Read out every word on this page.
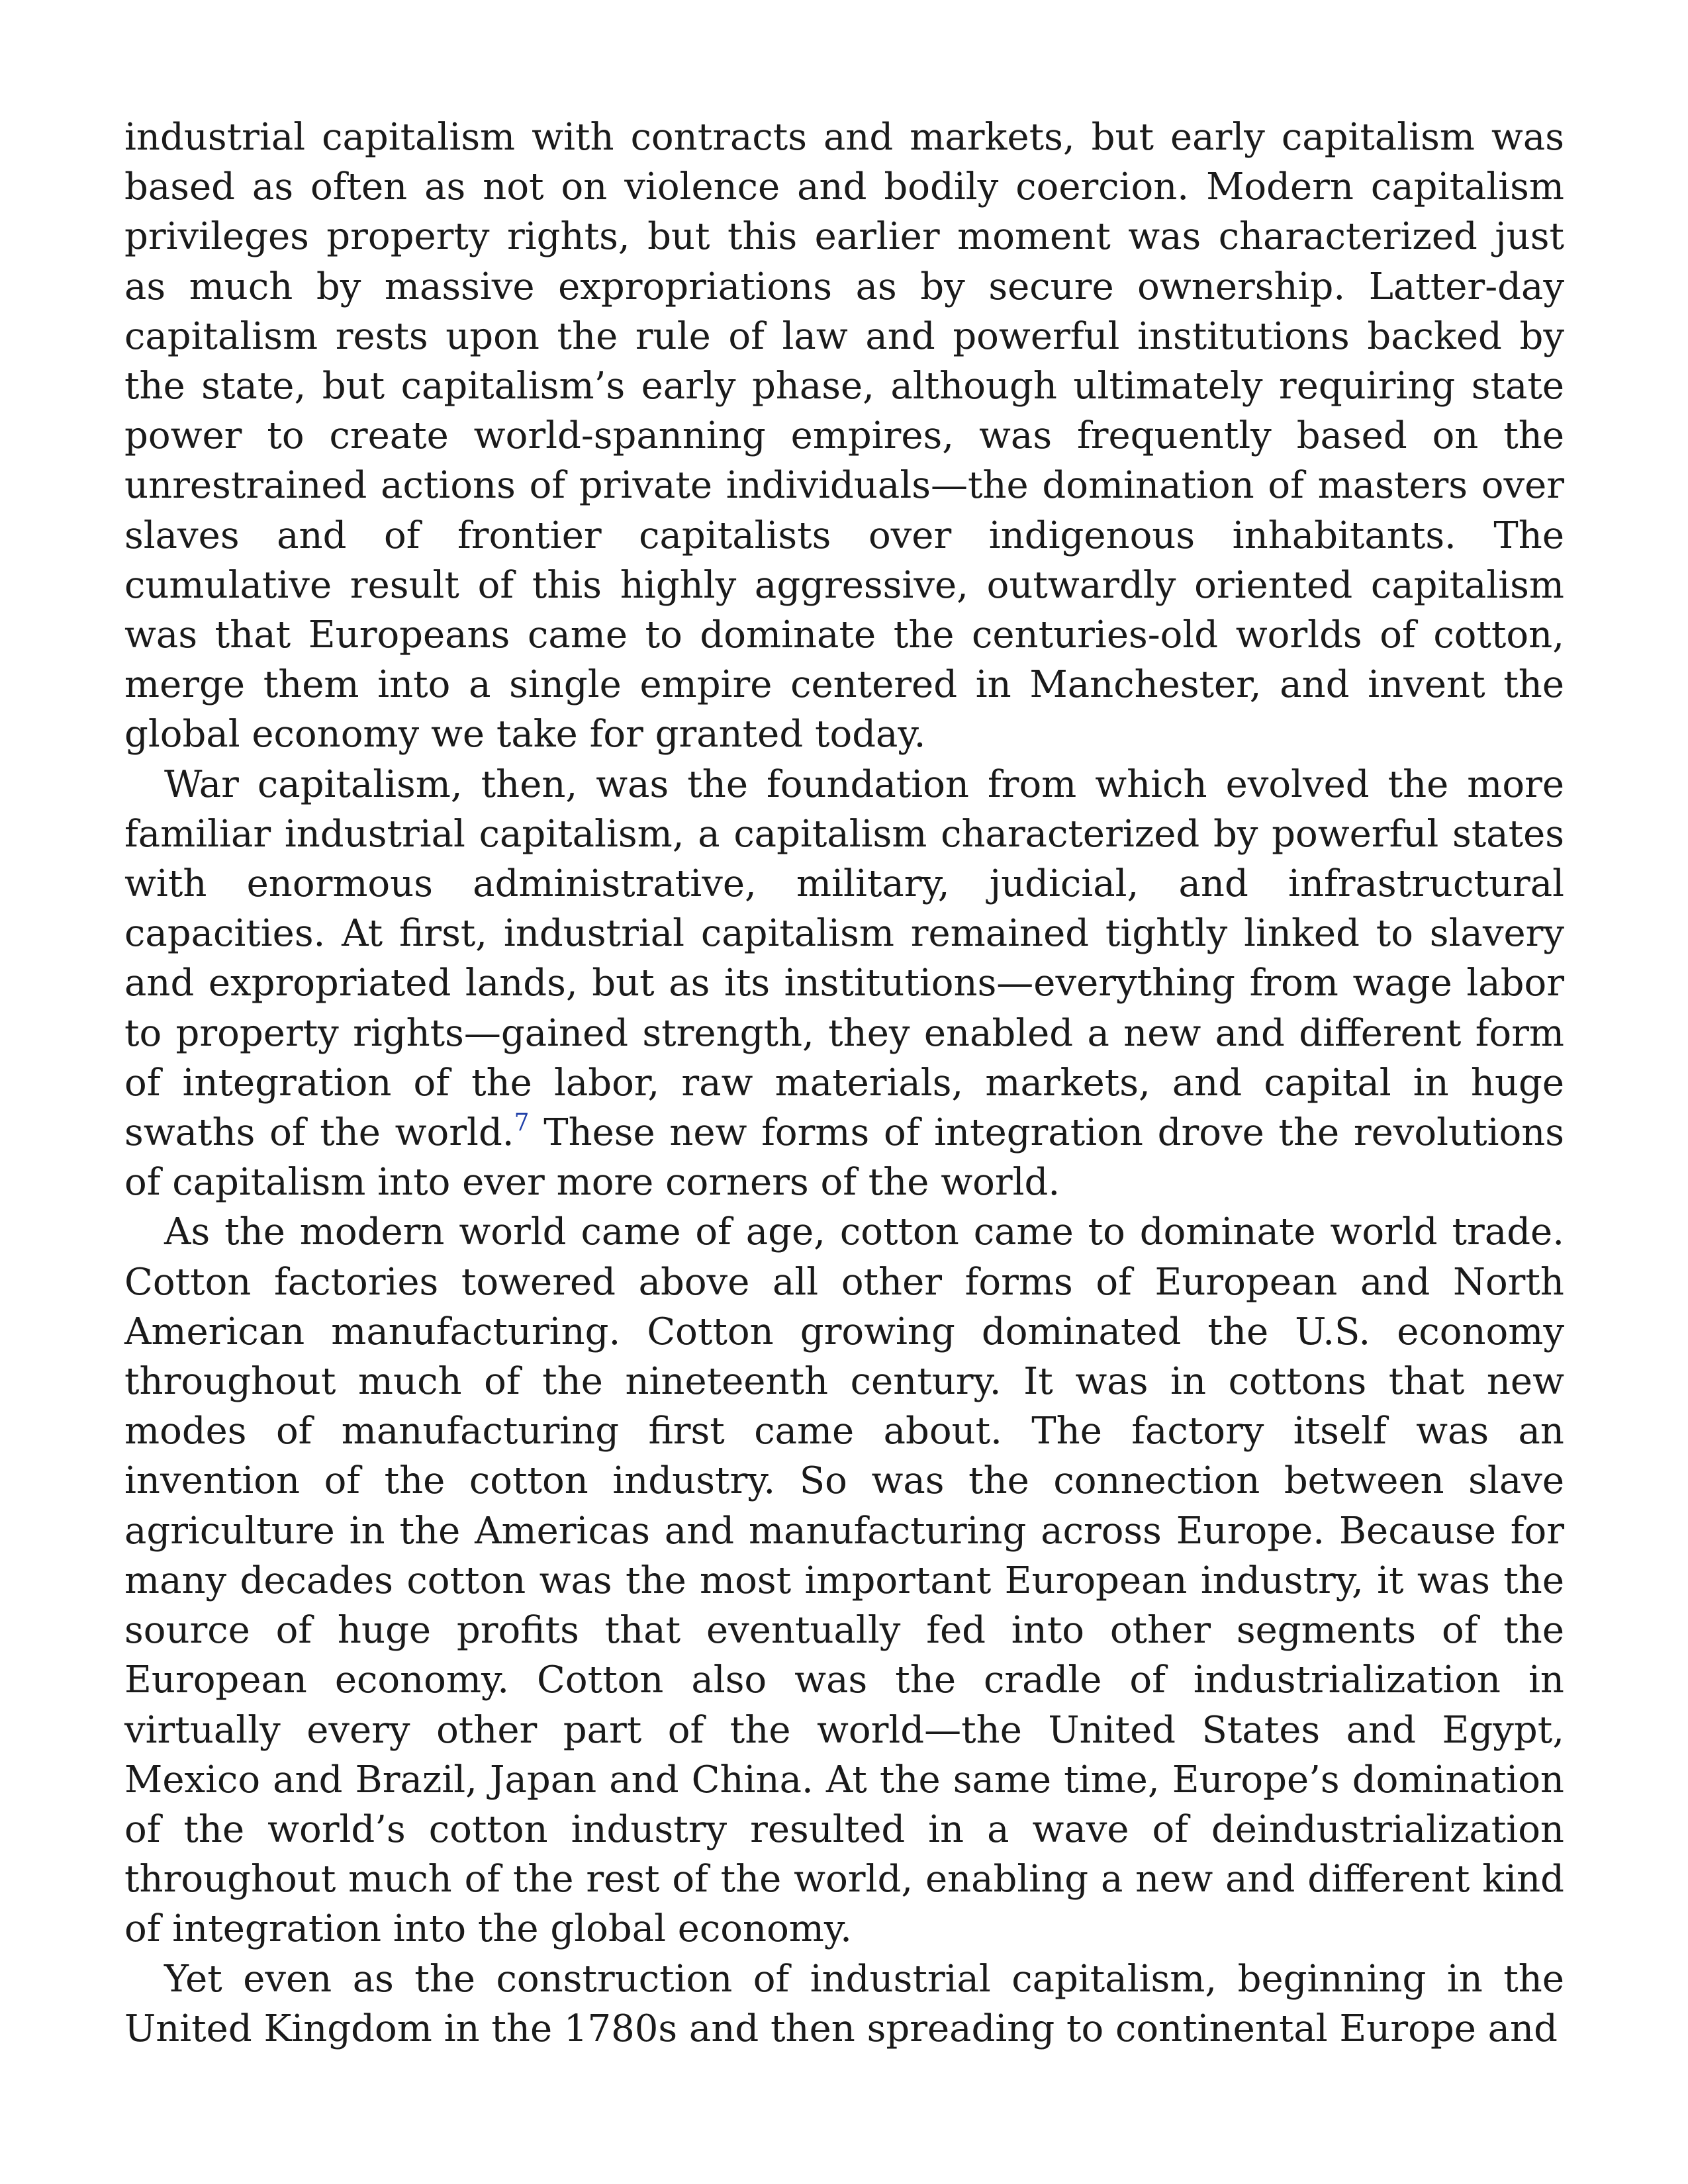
industrial capitalism with contracts and markets, but early capitalism was based as often as not on violence and bodily coercion. Modern capitalism privileges property rights, but this earlier moment was characterized just as much by massive expropriations as by secure ownership. Latter-day capitalism rests upon the rule of law and powerful institutions backed by the state, but capitalism’s early phase, although ultimately requiring state power to create world-spanning empires, was frequently based on the unrestrained actions of private individuals—the domination of masters over slaves and of frontier capitalists over indigenous inhabitants. The cumulative result of this highly aggressive, outwardly oriented capitalism was that Europeans came to dominate the centuries-old worlds of cotton, merge them into a single empire centered in Manchester, and invent the global economy we take for granted today.

War capitalism, then, was the foundation from which evolved the more familiar industrial capitalism, a capitalism characterized by powerful states with enormous administrative, military, judicial, and infrastructural capacities. At first, industrial capitalism remained tightly linked to slavery and expropriated lands, but as its institutions—everything from wage labor to property rights—gained strength, they enabled a new and different form of integration of the labor, raw materials, markets, and capital in huge swaths of the world.$^7$ These new forms of integration drove the revolutions of capitalism into ever more corners of the world.

As the modern world came of age, cotton came to dominate world trade. Cotton factories towered above all other forms of European and North American manufacturing. Cotton growing dominated the U.S. economy throughout much of the nineteenth century. It was in cottons that new modes of manufacturing first came about. The factory itself was an invention of the cotton industry. So was the connection between slave agriculture in the Americas and manufacturing across Europe. Because for many decades cotton was the most important European industry, it was the source of huge profits that eventually fed into other segments of the European economy. Cotton also was the cradle of industrialization in virtually every other part of the world—the United States and Egypt, Mexico and Brazil, Japan and China. At the same time, Europe’s domination of the world’s cotton industry resulted in a wave of deindustrialization throughout much of the rest of the world, enabling a new and different kind of integration into the global economy.

Yet even as the construction of industrial capitalism, beginning in the United Kingdom in the 1780s and then spreading to continental Europe and
